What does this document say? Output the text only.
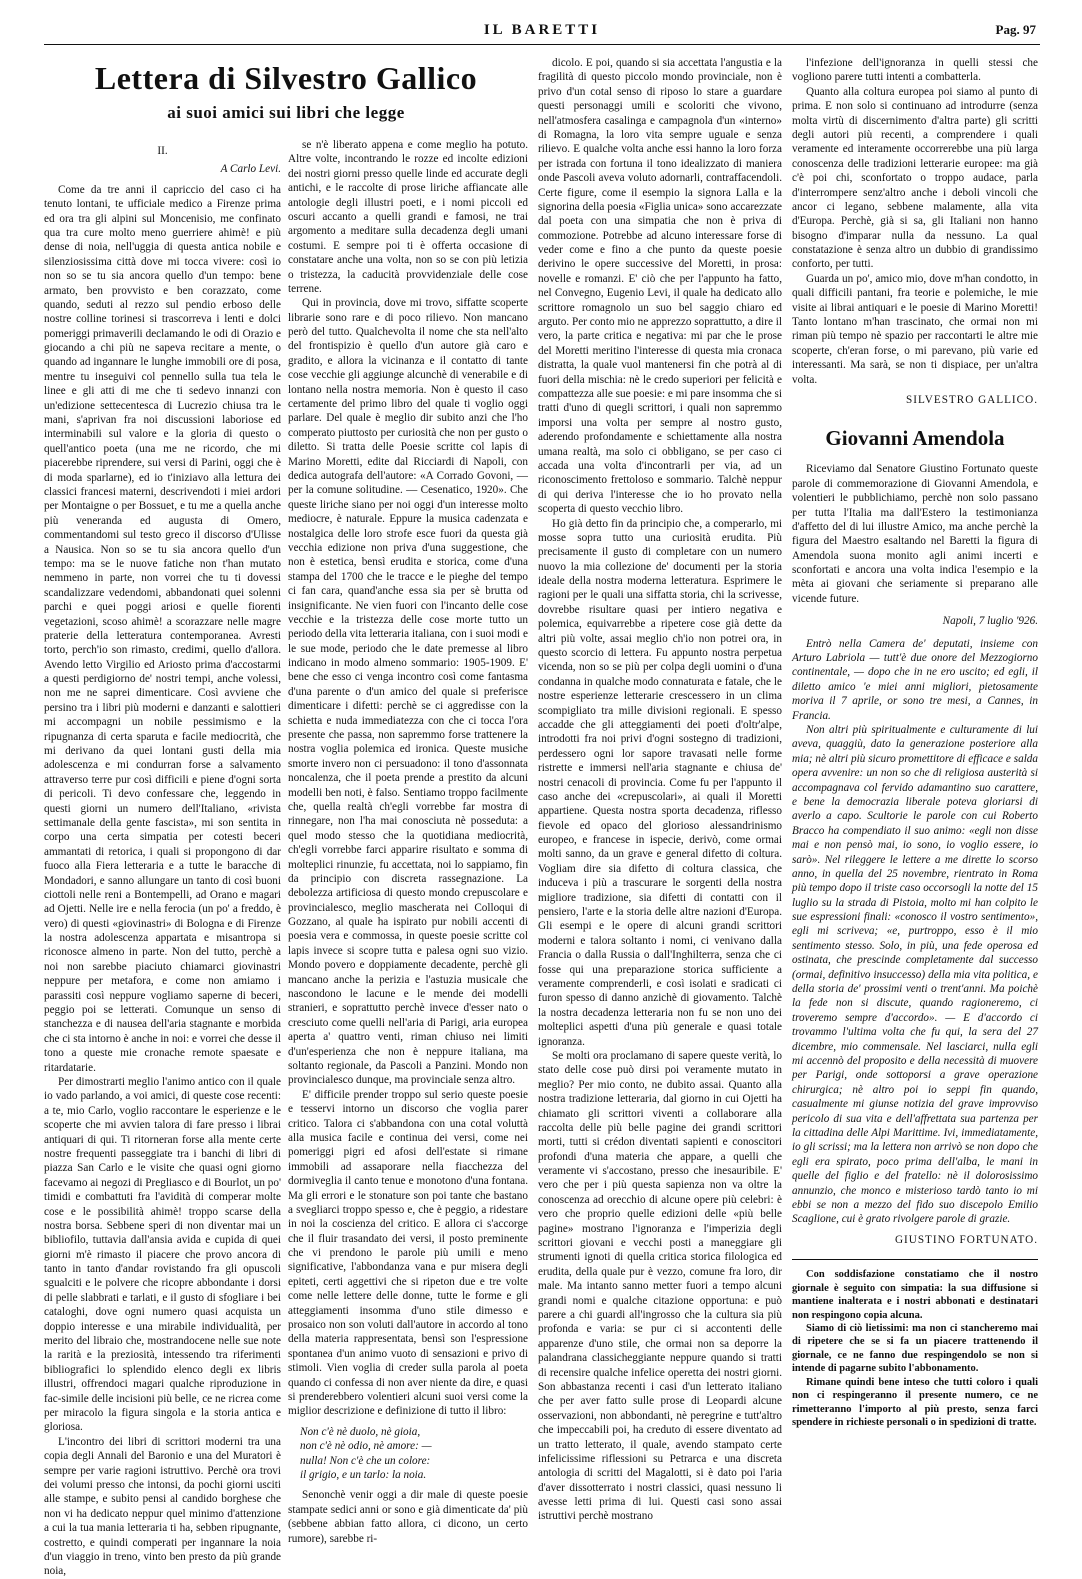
IL BARETTI	Pag. 97
Lettera di Silvestro Gallico
ai suoi amici sui libri che legge

II.

A Carlo Levi.

Come da tre anni il capriccio del caso ci ha tenuto lontani, te ufficiale medico a Firenze prima ed ora tra gli alpini sul Moncenisio, me confinato qua tra cure molto meno guerriere ahimè! e più dense di noia, nell'uggia di questa antica nobile e silenziosissima città dove mi tocca vivere: così io non so se tu sia ancora quello d'un tempo: bene armato, ben provvisto e ben corazzato, come quando, seduti al rezzo sul pendio erboso delle nostre colline torinesi si trascorreva i lenti e dolci pomeriggi primaverili declamando le odi di Orazio e giocando a chi più ne sapeva recitare a mente, o quando ad ingannare le lunghe immobili ore di posa, mentre tu inseguivi col pennello sulla tua tela le linee e gli atti di me che ti sedevo innanzi con un'edizione settecentesca di Lucrezio chiusa tra le mani, s'aprivan fra noi discussioni laboriose ed interminabili sul valore e la gloria di questo o quell'antico poeta (una me ne ricordo, che mi piacerebbe riprendere, sui versi di Parini, oggi che è di moda sparlarne), ed io t'iniziavo alla lettura dei classici francesi materni, descrivendoti i miei ardori per Montaigne o per Bossuet, e tu me a quella anche più veneranda ed augusta di Omero, commentandomi sul testo greco il discorso d'Ulisse a Nausica. Non so se tu sia ancora quello d'un tempo: ma se le nuove fatiche non t'han mutato nemmeno in parte, non vorrei che tu ti dovessi scandalizzare vedendomi, abbandonati quei solenni parchi e quei poggi ariosi e quelle fiorenti vegetazioni, scoso ahimè! a scorazzare nelle magre praterie della letteratura contemporanea. Avresti torto, perch'io son rimasto, credimi, quello d'allora. Avendo letto Virgilio ed Ariosto prima d'accostarmi a questi perdigiorno de' nostri tempi, anche volessi, non me ne saprei dimenticare. Così avviene che persino tra i libri più moderni e danzanti e salottieri mi accompagni un nobile pessimismo e la ripugnanza di certa sparuta e facile mediocrità, che mi derivano da quei lontani gusti della mia adolescenza e mi condurran forse a salvamento attraverso terre pur così difficili e piene d'ogni sorta di pericoli. Ti devo confessare che, leggendo in questi giorni un numero dell'Italiano, «rivista settimanale della gente fascista», mi son sentita in corpo una certa simpatia per cotesti beceri ammantati di retorica, i quali si propongono di dar fuoco alla Fiera letteraria e a tutte le baracche di Mondadori, e sanno allungare un tanto di così buoni ciottoli nelle reni a Bontempelli, ad Orano e magari ad Ojetti. Nelle ire e nella ferocia (un po' a freddo, è vero) di questi «giovinastri» di Bologna e di Firenze la nostra adolescenza appartata e misantropa si riconosce almeno in parte. Non del tutto, perchè a noi non sarebbe piaciuto chiamarci giovinastri neppure per metafora, e come non amiamo i parassiti così neppure vogliamo saperne di beceri, peggio poi se letterati. Comunque un senso di stanchezza e di nausea dell'aria stagnante e morbida che ci sta intorno è anche in noi: e vorrei che desse il tono a queste mie cronache remote spaesate e ritardatarie.

Per dimostrarti meglio l'animo antico con il quale io vado parlando, a voi amici, di queste cose recenti: a te, mio Carlo, voglio raccontare le esperienze e le scoperte che mi avvien talora di fare presso i librai antiquari di qui. Ti ritorneran forse alla mente certe nostre frequenti passeggiate tra i banchi di libri di piazza San Carlo e le visite che quasi ogni giorno facevamo ai negozi di Pregliasco e di Bourlot, un po' timidi e combattuti fra l'avidità di comperar molte cose e le possibilità ahimè! troppo scarse della nostra borsa. Sebbene speri di non diventar mai un bibliofilo, tuttavia dall'ansia avida e cupida di quei giorni m'è rimasto il piacere che provo ancora di tanto in tanto d'andar rovistando fra gli opuscoli sgualciti e le polvere che ricopre abbondante i dorsi di pelle slabbrati e tarlati, e il gusto di sfogliare i bei cataloghi, dove ogni numero quasi acquista un doppio interesse e una mirabile individualità, per merito del libraio che, mostrandocene nelle sue note la rarità e la preziosità, intessendo tra riferimenti bibliografici lo splendido elenco degli ex libris illustri, offrendoci magari qualche riproduzione in fac-simile delle incisioni più belle, ce ne ricrea come per miracolo la figura singola e la storia antica e gloriosa.

L'incontro dei libri di scrittori moderni tra una copia degli Annali del Baronio e una del Muratori è sempre per varie ragioni istruttivo. Perchè ora trovi dei volumi presso che intonsi, da pochi giorni usciti alle stampe, e subito pensi al candido borghese che non vi ha dedicato neppur quel minimo d'attenzione a cui la tua mania letteraria ti ha, sebben ripugnante, costretto, e quindi comperati per ingannare la noia d'un viaggio in treno, vinto ben presto da più grande noia,

se n'è liberato appena e come meglio ha potuto. Altre volte, incontrando le rozze ed incolte edizioni dei nostri giorni presso quelle linde ed accurate degli antichi, e le raccolte di prose liriche affiancate alle antologie degli illustri poeti, e i nomi piccoli ed oscuri accanto a quelli grandi e famosi, ne trai argomento a meditare sulla decadenza degli umani costumi. E sempre poi ti è offerta occasione di constatare anche una volta, non so se con più letizia o tristezza, la caducità provvidenziale delle cose terrene.

Qui in provincia, dove mi trovo, siffatte scoperte librarie sono rare e di poco rilievo. Non mancano però del tutto. Qualchevolta il nome che sta nell'alto del frontispizio è quello d'un autore già caro e gradito, e allora la vicinanza e il contatto di tante cose vecchie gli aggiunge alcunchè di venerabile e di lontano nella nostra memoria. Non è questo il caso certamente del primo libro del quale ti voglio oggi parlare. Del quale è meglio dir subito anzi che l'ho comperato piuttosto per curiosità che non per gusto o diletto. Si tratta delle Poesie scritte col lapis di Marino Moretti, edite dal Ricciardi di Napoli, con dedica autografa dell'autore: «A Corrado Govoni, — per la comune solitudine. — Cesenatico, 1920». Che queste liriche siano per noi oggi d'un interesse molto mediocre, è naturale. Eppure la musica cadenzata e nostalgica delle loro strofe esce fuori da questa già vecchia edizione non priva d'una suggestione, che non è estetica, bensì erudita e storica, come d'una stampa del 1700 che le tracce e le pieghe del tempo ci fan cara, quand'anche essa sia per sè brutta od insignificante. Ne vien fuori con l'incanto delle cose vecchie e la tristezza delle cose morte tutto un periodo della vita letteraria italiana, con i suoi modi e le sue mode, periodo che le date premesse al libro indicano in modo almeno sommario: 1905-1909. E' bene che esso ci venga incontro così come fantasma d'una parente o d'un amico del quale si preferisce dimenticare i difetti: perchè se ci aggredisse con la schietta e nuda immediatezza con che ci tocca l'ora presente che passa, non sapremmo forse trattenere la nostra voglia polemica ed ironica. Queste musiche smorte invero non ci persuadono: il tono d'assonnata noncalenza, che il poeta prende a prestito da alcuni modelli ben noti, è falso. Sentiamo troppo facilmente che, quella realtà ch'egli vorrebbe far mostra di rinnegare, non l'ha mai conosciuta nè posseduta: a quel modo stesso che la quotidiana mediocrità, ch'egli vorrebbe farci apparire risultato e somma di molteplici rinunzie, fu accettata, noi lo sappiamo, fin da principio con discreta rassegnazione. La debolezza artificiosa di questo mondo crepuscolare e provincialesco, meglio mascherata nei Colloqui di Gozzano, al quale ha ispirato pur nobili accenti di poesia vera e commossa, in queste poesie scritte col lapis invece si scopre tutta e palesa ogni suo vizio. Mondo povero e doppiamente decadente, perchè gli mancano anche la perizia e l'astuzia musicale che nascondono le lacune e le mende dei modelli stranieri, e soprattutto perchè invece d'esser nato o cresciuto come quelli nell'aria di Parigi, aria europea aperta a' quattro venti, riman chiuso nei limiti d'un'esperienza che non è neppure italiana, ma soltanto regionale, da Pascoli a Panzini. Mondo non provincialesco dunque, ma provinciale senza altro.

E' difficile prender troppo sul serio queste poesie e tesservi intorno un discorso che voglia parer critico. Talora ci s'abbandona con una cotal voluttà alla musica facile e continua dei versi, come nei pomeriggi pigri ed afosi dell'estate si rimane immobili ad assaporare nella fiacchezza del dormiveglia il canto tenue e monotono d'una fontana. Ma gli errori e le stonature son poi tante che bastano a svegliarci troppo spesso e, che è peggio, a ridestare in noi la coscienza del critico. E allora ci s'accorge che il fluir trasandato dei versi, il posto preminente che vi prendono le parole più umili e meno significative, l'abbondanza vana e pur misera degli epiteti, certi aggettivi che si ripeton due e tre volte come nelle lettere delle donne, tutte le forme e gli atteggiamenti insomma d'uno stile dimesso e prosaico non son voluti dall'autore in accordo al tono della materia rappresentata, bensì son l'espressione spontanea d'un animo vuoto di sensazioni e privo di stimoli. Vien voglia di creder sulla parola al poeta quando ci confessa di non aver niente da dire, e quasi si prenderebbero volentieri alcuni suoi versi come la miglior descrizione e definizione di tutto il libro:

Non c'è nè duolo, nè gioia,
non c'è nè odio, nè amore: —
nulla! Non c'è che un colore:
il grigio, e un tarlo: la noia.

Senonchè venir oggi a dir male di queste poesie stampate sedici anni or sono e già dimenticate da' più (sebbene abbian fatto allora, ci dicono, un certo rumore), sarebbe ri-

dicolo. E poi, quando si sia accettata l'angustia e la fragilità di questo piccolo mondo provinciale, non è privo d'un cotal senso di riposo lo stare a guardare questi personaggi umili e scoloriti che vivono, nell'atmosfera casalinga e campagnola d'un «interno» di Romagna, la loro vita sempre uguale e senza rilievo. E qualche volta anche essi hanno la loro forza per istrada con fortuna il tono idealizzato di maniera onde Pascoli aveva voluto adornarli, contraffacendoli. Certe figure, come il esempio la signora Lalla e la signorina della poesia «Figlia unica» sono accarezzate dal poeta con una simpatia che non è priva di commozione. Potrebbe ad alcuno interessare forse di veder come e fino a che punto da queste poesie derivino le opere successive del Moretti, in prosa: novelle e romanzi. E' ciò che per l'appunto ha fatto, nel Convegno, Eugenio Levi, il quale ha dedicato allo scrittore romagnolo un suo bel saggio chiaro ed arguto. Per conto mio ne apprezzo soprattutto, a dire il vero, la parte critica e negativa: mi par che le prose del Moretti meritino l'interesse di questa mia cronaca distratta, la quale vuol mantenersi fin che potrà al di fuori della mischia: nè le credo superiori per felicità e compattezza alle sue poesie: e mi pare insomma che si tratti d'uno di quegli scrittori, i quali non sapremmo imporsi una volta per sempre al nostro gusto, aderendo profondamente e schiettamente alla nostra umana realtà, ma solo ci obbligano, se per caso ci accada una volta d'incontrarli per via, ad un riconoscimento frettoloso e sommario. Talchè neppur di qui deriva l'interesse che io ho provato nella scoperta di questo vecchio libro.

Ho già detto fin da principio che, a comperarlo, mi mosse sopra tutto una curiosità erudita. Più precisamente il gusto di completare con un numero nuovo la mia collezione de' documenti per la storia ideale della nostra moderna letteratura. Esprimere le ragioni per le quali una siffatta storia, chi la scrivesse, dovrebbe risultare quasi per intiero negativa e polemica, equivarrebbe a ripetere cose già dette da altri più volte, assai meglio ch'io non potrei ora, in questo scorcio di lettera. Fu appunto nostra perpetua vicenda, non so se più per colpa degli uomini o d'una condanna in qualche modo connaturata e fatale, che le nostre esperienze letterarie crescessero in un clima scompigliato tra mille divisioni regionali. E spesso accadde che gli atteggiamenti dei poeti d'oltr'alpe, introdotti fra noi privi d'ogni sostegno di tradizioni, perdessero ogni lor sapore travasati nelle forme ristrette e immersi nell'aria stagnante e chiusa de' nostri cenacoli di provincia. Come fu per l'appunto il caso anche dei «crepuscolari», ai quali il Moretti appartiene. Questa nostra sporta decadenza, riflesso fievole ed opaco del glorioso alessandrinismo europeo, e francese in ispecie, derivò, come ormai molti sanno, da un grave e general difetto di coltura. Vogliam dire sia difetto di coltura classica, che induceva i più a trascurare le sorgenti della nostra migliore tradizione, sia difetti di contatti con il pensiero, l'arte e la storia delle altre nazioni d'Europa. Gli esempi e le opere di alcuni grandi scrittori moderni e talora soltanto i nomi, ci venivano dalla Francia o dalla Russia o dall'Inghilterra, senza che ci fosse qui una preparazione storica sufficiente a veramente comprenderli, e così isolati e sradicati ci furon spesso di danno anzichè di giovamento. Talchè la nostra decadenza letteraria non fu se non uno dei molteplici aspetti d'una più generale e quasi totale ignoranza.

Se molti ora proclamano di sapere queste verità, lo stato delle cose può dirsi poi veramente mutato in meglio? Per mio conto, ne dubito assai. Quanto alla nostra tradizione letteraria, dal giorno in cui Ojetti ha chiamato gli scrittori viventi a collaborare alla raccolta delle più belle pagine dei grandi scrittori morti, tutti si crédon diventati sapienti e conoscitori profondi d'una materia che appare, a quelli che veramente vi s'accostano, presso che inesauribile. E' vero che per i più questa sapienza non va oltre la conoscenza ad orecchio di alcune opere più celebri: è vero che proprio quelle edizioni delle «più belle pagine» mostrano l'ignoranza e l'imperizia degli scrittori giovani e vecchi posti a maneggiare gli strumenti ignoti di quella critica storica filologica ed erudita, della quale pur è vezzo, comune fra loro, dir male. Ma intanto sanno metter fuori a tempo alcuni grandi nomi e qualche citazione opportuna: e può parere a chi guardi all'ingrosso che la cultura sia più profonda e varia: se pur ci si accontenti delle apparenze d'uno stile, che ormai non sa deporre la palandrana classicheggiante neppure quando si tratti di recensire qualche infelice operetta dei nostri giorni. Son abbastanza recenti i casi d'un letterato italiano che per aver fatto sulle prose di Leopardi alcune osservazioni, non abbondanti, nè peregrine e tutt'altro che impeccabili poi, ha creduto di essere diventato ad un tratto letterato, il quale, avendo stampato certe infelicissime riflessioni su Petrarca e una discreta antologia di scritti del Magalotti, si è dato poi l'aria d'aver dissotterrato i nostri classici, quasi nessuno li avesse letti prima di lui. Questi casi sono assai istruttivi perchè mostrano

l'infezione dell'ignoranza in quelli stessi che vogliono parere tutti intenti a combatterla.

Quanto alla coltura europea poi siamo al punto di prima. E non solo si continuano ad introdurre (senza molta virtù di discernimento d'altra parte) gli scritti degli autori più recenti, a comprendere i quali veramente ed interamente occorrerebbe una più larga conoscenza delle tradizioni letterarie europee: ma già c'è poi chi, sconfortato o troppo audace, parla d'interrompere senz'altro anche i deboli vincoli che ancor ci legano, sebbene malamente, alla vita d'Europa. Perchè, già si sa, gli Italiani non hanno bisogno d'imparar nulla da nessuno. La qual constatazione è senza altro un dubbio di grandissimo conforto, per tutti.

Guarda un po', amico mio, dove m'han condotto, in quali difficili pantani, fra teorie e polemiche, le mie visite ai librai antiquari e le poesie di Marino Moretti! Tanto lontano m'han trascinato, che ormai non mi riman più tempo nè spazio per raccontarti le altre mie scoperte, ch'eran forse, o mi parevano, più varie ed interessanti. Ma sarà, se non ti dispiace, per un'altra volta.

SILVESTRO GALLICO.

Giovanni Amendola

Riceviamo dal Senatore Giustino Fortunato queste parole di commemorazione di Giovanni Amendola, e volentieri le pubblichiamo, perchè non solo passano per tutta l'Italia ma dall'Estero la testimonianza d'affetto del di lui illustre Amico, ma anche perchè la figura del Maestro esaltando nel Baretti la figura di Amendola suona monito agli animi incerti e sconfortati e ancora una volta indica l'esempio e la mèta ai giovani che seriamente si preparano alle vicende future.

Napoli, 7 luglio '926.

Entrò nella Camera de' deputati, insieme con Arturo Labriola — tutt'è due onore del Mezzogiorno continentale, — dopo che in ne ero uscito; ed egli, il diletto amico 'e miei anni migliori, pietosamente moriva il 7 aprile, or sono tre mesi, a Cannes, in Francia.

Non altri più spiritualmente e culturamente di lui aveva, quaggiù, dato la generazione posteriore alla mia; nè altri più sicuro promettitore di efficace e salda opera avvenire: un non so che di religiosa austerità si accompagnava col fervido adamantino suo carattere, e bene la democrazia liberale poteva gloriarsi di averlo a capo. Scultorie le parole con cui Roberto Bracco ha compendiato il suo animo: «egli non disse mai e non pensò mai, io sono, io voglio essere, io sarò». Nel rileggere le lettere a me dirette lo scorso anno, in quella del 25 novembre, rientrato in Roma più tempo dopo il triste caso occorsogli la notte del 15 luglio su la strada di Pistoia, molto mi han colpito le sue espressioni finali: «conosco il vostro sentimento», egli mi scriveva; «e, purtroppo, esso è il mio sentimento stesso. Solo, in più, una fede operosa ed ostinata, che prescinde completamente dal successo (ormai, definitivo insuccesso) della mia vita politica, e della storia de' prossimi venti o trent'anni. Ma poichè la fede non si discute, quando ragioneremo, ci troveremo sempre d'accordo». — E d'accordo ci trovammo l'ultima volta che fu qui, la sera del 27 dicembre, mio commensale. Nel lasciarci, nulla egli mi accennò del proposito e della necessità di muovere per Parigi, onde sottoporsi a grave operazione chirurgica; nè altro poi io seppi fin quando, casualmente mi giunse notizia del grave improvviso pericolo di sua vita e dell'affrettata sua partenza per la cittadina delle Alpi Marittime. Ivi, immediatamente, io gli scrissi; ma la lettera non arrivò se non dopo che egli era spirato, poco prima dell'alba, le mani in quelle del figlio e del fratello: nè il dolorosissimo annunzio, che monco e misterioso tardò tanto io mi ebbi se non a mezzo del fido suo discepolo Emilio Scaglione, cui è grato rivolgere parole di grazie.

GIUSTINO FORTUNATO.

Con soddisfazione constatiamo che il nostro giornale è seguito con simpatia: la sua diffusione si mantiene inalterata e i nostri abbonati e destinatari non respingono copia alcuna.

Siamo di ciò lietissimi: ma non ci stancheremo mai di ripetere che se si fa un piacere trattenendo il giornale, ce ne fanno due respingendolo se non si intende di pagarne subito l'abbonamento.

Rimane quindi bene inteso che tutti coloro i quali non ci respingeranno il presente numero, ce ne rimetteranno l'importo al più presto, senza farci spendere in richieste personali o in spedizioni di tratte.
